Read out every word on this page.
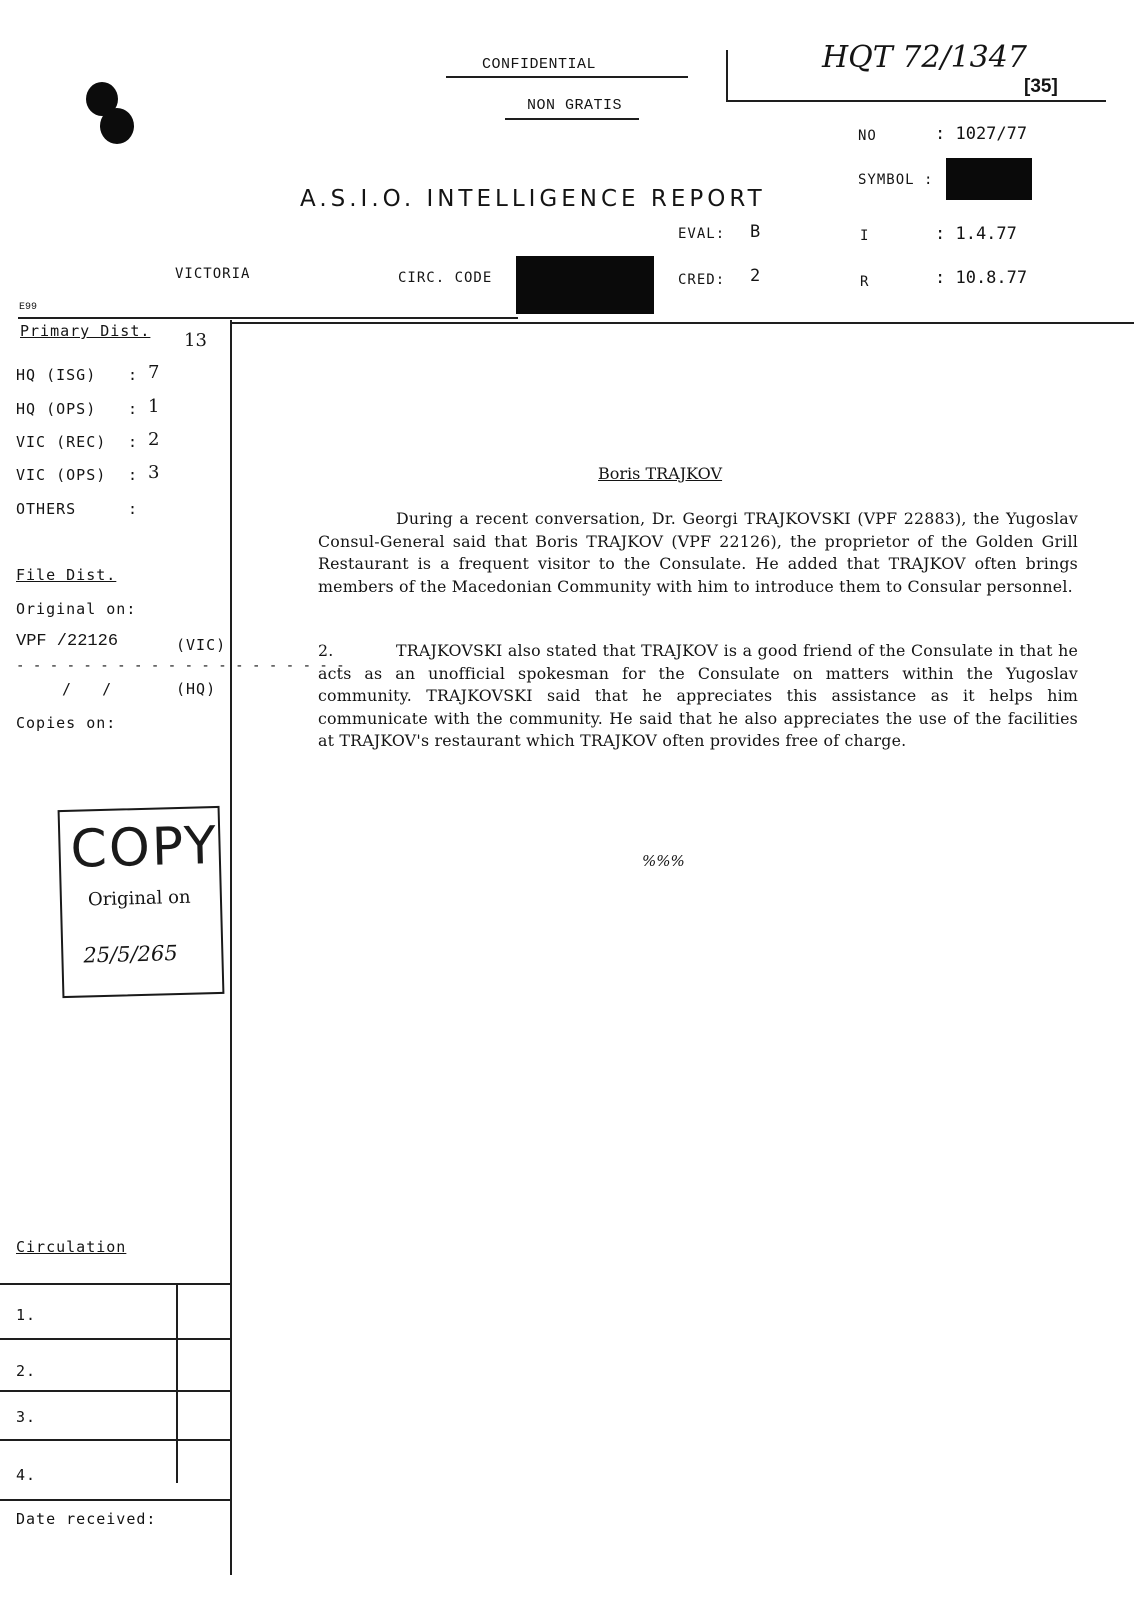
CONFIDENTIAL
NON GRATIS
HQT 72/1347
[35]
NO	: 1027/77
SYMBOL :
A.S.I.O. INTELLIGENCE REPORT
EVAL: B
CRED: 2
I	: 1.4.77
R	: 10.8.77
VICTORIA	CIRC. CODE
E99
Primary Dist. 13
HQ (ISG) : 7
HQ (OPS) : 1
VIC (REC) : 2
VIC (OPS) : 3
OTHERS	:
File Dist.
Original on:
VPF /22126	(VIC)
- - - - - - - - - - - - - - - - - - - -
/   /	(HQ)
Copies on:
COPY
Original on
25/5/265
Circulation
1.
2.
3.
4.
Date received:
Boris TRAJKOV

During a recent conversation, Dr. Georgi TRAJKOVSKI (VPF 22883), the Yugoslav Consul-General said that Boris TRAJKOV (VPF 22126), the proprietor of the Golden Grill Restaurant is a frequent visitor to the Consulate. He added that TRAJKOV often brings members of the Macedonian Community with him to introduce them to Consular personnel.

2.	TRAJKOVSKI also stated that TRAJKOV is a good friend of the Consulate in that he acts as an unofficial spokesman for the Consulate on matters within the Yugoslav community. TRAJKOVSKI said that he appreciates this assistance as it helps him communicate with the community. He said that he also appreciates the use of the facilities at TRAJKOV's restaurant which TRAJKOV often provides free of charge.

%%%
